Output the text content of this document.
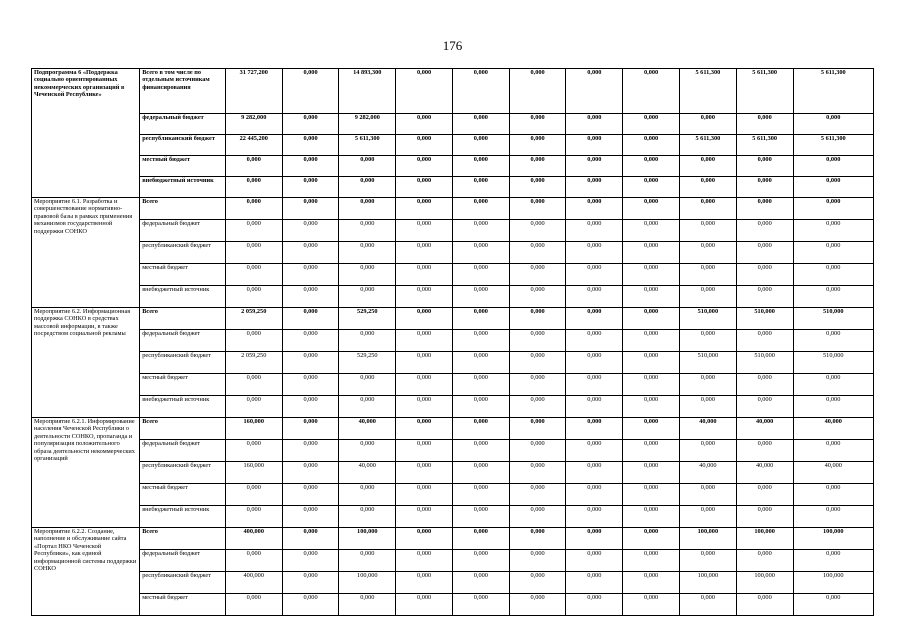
176
Подпрограмма 6 «Поддержка социально ориентированных некоммерческих организаций в Чеченской Республике»	Всего в том числе по отдельным источникам финансирования	31 727,200	0,000	14 893,300	0,000	0,000	0,000	0,000	0,000	5 611,300	5 611,300	5 611,300
	федеральный бюджет	9 282,000	0,000	9 282,000	0,000	0,000	0,000	0,000	0,000	0,000	0,000	0,000
	республиканский бюджет	22 445,200	0,000	5 611,300	0,000	0,000	0,000	0,000	0,000	5 611,300	5 611,300	5 611,300
	местный бюджет	0,000	0,000	0,000	0,000	0,000	0,000	0,000	0,000	0,000	0,000	0,000
	внебюджетный источник	0,000	0,000	0,000	0,000	0,000	0,000	0,000	0,000	0,000	0,000	0,000
Мероприятие 6.1. Разработка и совершенствование нормативно-правовой базы в рамках применения механизмов государственной поддержки СОНКО	Всего	0,000	0,000	0,000	0,000	0,000	0,000	0,000	0,000	0,000	0,000	0,000
	федеральный бюджет	0,000	0,000	0,000	0,000	0,000	0,000	0,000	0,000	0,000	0,000	0,000
	республиканский бюджет	0,000	0,000	0,000	0,000	0,000	0,000	0,000	0,000	0,000	0,000	0,000
	местный бюджет	0,000	0,000	0,000	0,000	0,000	0,000	0,000	0,000	0,000	0,000	0,000
	внебюджетный источник	0,000	0,000	0,000	0,000	0,000	0,000	0,000	0,000	0,000	0,000	0,000
Мероприятие 6.2. Информационная поддержка СОНКО в средствах массовой информации, в также посредством социальной рекламы	Всего	2 059,250	0,000	529,250	0,000	0,000	0,000	0,000	0,000	510,000	510,000	510,000
	федеральный бюджет	0,000	0,000	0,000	0,000	0,000	0,000	0,000	0,000	0,000	0,000	0,000
	республиканский бюджет	2 059,250	0,000	529,250	0,000	0,000	0,000	0,000	0,000	510,000	510,000	510,000
	местный бюджет	0,000	0,000	0,000	0,000	0,000	0,000	0,000	0,000	0,000	0,000	0,000
	внебюджетный источник	0,000	0,000	0,000	0,000	0,000	0,000	0,000	0,000	0,000	0,000	0,000
Мероприятие 6.2.1. Информирование населения Чеченской Республики о деятельности СОНКО, пропаганда и популяризация положительного образа деятельности некоммерческих организаций	Всего	160,000	0,000	40,000	0,000	0,000	0,000	0,000	0,000	40,000	40,000	40,000
	федеральный бюджет	0,000	0,000	0,000	0,000	0,000	0,000	0,000	0,000	0,000	0,000	0,000
	республиканский бюджет	160,000	0,000	40,000	0,000	0,000	0,000	0,000	0,000	40,000	40,000	40,000
	местный бюджет	0,000	0,000	0,000	0,000	0,000	0,000	0,000	0,000	0,000	0,000	0,000
	внебюджетный источник	0,000	0,000	0,000	0,000	0,000	0,000	0,000	0,000	0,000	0,000	0,000
Мероприятие 6.2.2. Создание, наполнение и обслуживание сайта «Портал НКО Чеченской Республики», как единой информационной системы поддержки СОНКО	Всего	400,000	0,000	100,000	0,000	0,000	0,000	0,000	0,000	100,000	100,000	100,000
	федеральный бюджет	0,000	0,000	0,000	0,000	0,000	0,000	0,000	0,000	0,000	0,000	0,000
	республиканский бюджет	400,000	0,000	100,000	0,000	0,000	0,000	0,000	0,000	100,000	100,000	100,000
	местный бюджет	0,000	0,000	0,000	0,000	0,000	0,000	0,000	0,000	0,000	0,000	0,000
